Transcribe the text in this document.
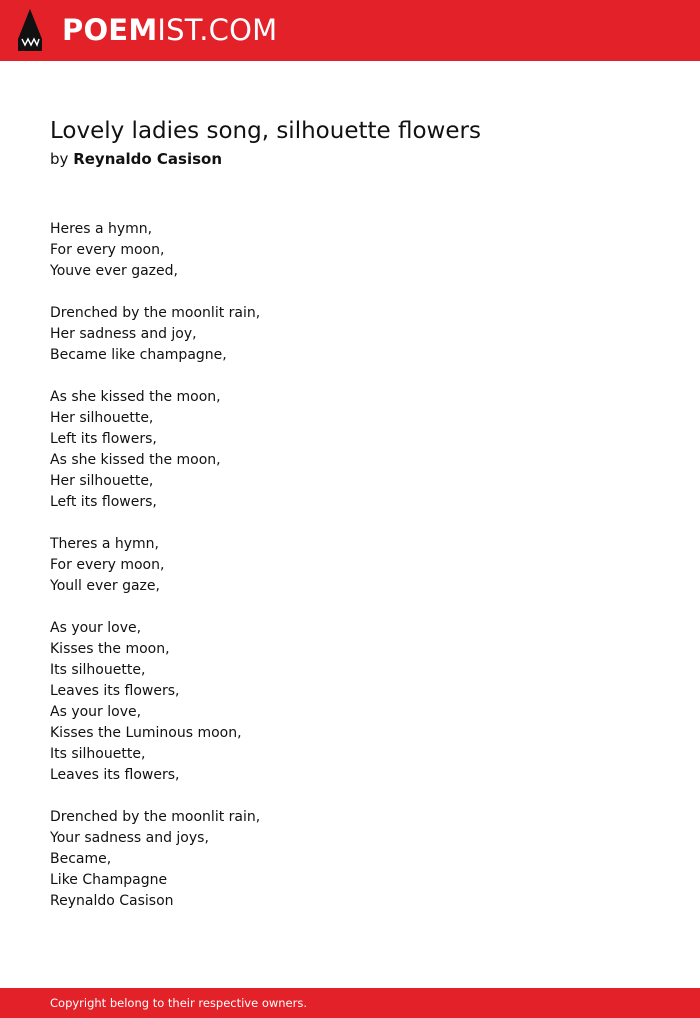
POEMIST.COM
Lovely ladies song, silhouette flowers
by Reynaldo Casison
Heres a hymn,
For every moon,
Youve ever gazed,
Drenched by the moonlit rain,
Her sadness and joy,
Became like champagne,
As she kissed the moon,
Her silhouette,
Left its flowers,
As she kissed the moon,
Her silhouette,
Left its flowers,
Theres a hymn,
For every moon,
Youll ever gaze,
As your love,
Kisses the moon,
Its silhouette,
Leaves its flowers,
As your love,
Kisses the Luminous moon,
Its silhouette,
Leaves its flowers,
Drenched by the moonlit rain,
Your sadness and joys,
Became,
Like Champagne
Reynaldo Casison
Copyright belong to their respective owners.
